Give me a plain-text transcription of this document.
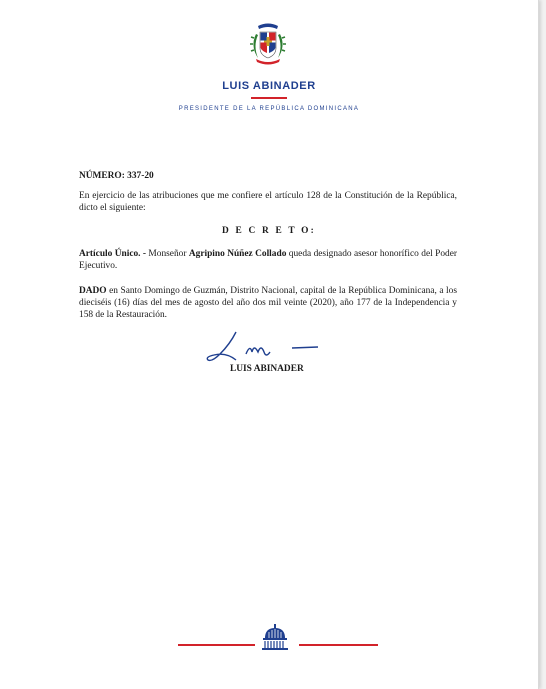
LUIS ABINADER
PRESIDENTE DE LA REPÚBLICA DOMINICANA
NÚMERO: 337-20
En ejercicio de las atribuciones que me confiere el artículo 128 de la Constitución de la República, dicto el siguiente:
D E C R E T O:
Artículo Único. - Monseñor Agripino Núñez Collado queda designado asesor honorífico del Poder Ejecutivo.
DADO en Santo Domingo de Guzmán, Distrito Nacional, capital de la República Dominicana, a los dieciséis (16) días del mes de agosto del año dos mil veinte (2020), año 177 de la Independencia y 158 de la Restauración.
LUIS ABINADER
